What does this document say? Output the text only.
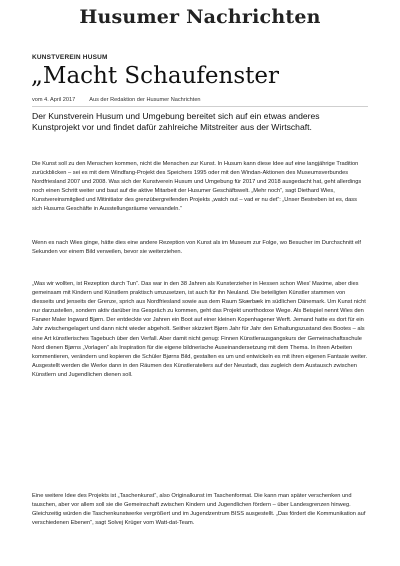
Husumer Nachrichten
KUNSTVEREIN HUSUM
„Macht Schaufenster
vom 4. April 2017	Aus der Redaktion der Husumer Nachrichten

Der Kunstverein Husum und Umgebung bereitet sich auf ein etwas anderes Kunstprojekt vor und findet dafür zahlreiche Mitstreiter aus der Wirtschaft.

Die Kunst soll zu den Menschen kommen, nicht die Menschen zur Kunst. In Husum kann diese Idee auf eine langjährige Tradition zurückblicken – sei es mit dem Windfang-Projekt des Speichers 1995 oder mit den Windan-Aktionen des Museumsverbundes Nordfriesland 2007 und 2008. Was sich der Kunstverein Husum und Umgebung für 2017 und 2018 ausgedacht hat, geht allerdings noch einen Schritt weiter und baut auf die aktive Mitarbeit der Husumer Geschäftswelt. „Mehr noch“, sagt Diethard Wies, Kunstvereinsmitglied und Mitinitiator des grenzübergreifenden Projekts „watch out – vad er nu det“: „Unser Bestreben ist es, dass sich Husums Geschäfte in Ausstellungsräume verwandeln.“

Wenn es nach Wies ginge, hätte dies eine andere Rezeption von Kunst als im Museum zur Folge, wo Besucher im Durchschnitt elf Sekunden vor einem Bild verweilen, bevor sie weiterziehen.

„Was wir wollten, ist Rezeption durch Tun“. Das war in den 38 Jahren als Kunsterzieher in Hessen schon Wies' Maxime, aber dies gemeinsam mit Kindern und Künstlern praktisch umzusetzen, ist auch für ihn Neuland. Die beteiligten Künstler stammen von diesseits und jenseits der Grenze, sprich aus Nordfriesland sowie aus dem Raum Skærbæk im südlichen Dänemark. Um Kunst nicht nur darzustellen, sondern aktiv darüber ins Gespräch zu kommen, geht das Projekt unorthodoxe Wege. Als Beispiel nennt Wies den Fanøer Maler Ingward Bjørn. Der entdeckte vor Jahren ein Boot auf einer kleinen Kopenhagener Werft. Jemand hatte es dort für ein Jahr zwischengelagert und dann nicht wieder abgeholt. Seither skizziert Bjørn Jahr für Jahr den Erhaltungszustand des Bootes – als eine Art künstlerisches Tagebuch über den Verfall. Aber damit nicht genug: Finnen Künstlerausgangskurs der Gemeinschaftsschule Nord dienen Bjørns „Vorlagen“ als Inspiration für die eigene bildnerische Auseinandersetzung mit dem Thema. In ihren Arbeiten kommentieren, verändern und kopieren die Schüler Bjørns Bild, gestalten es um und entwickeln es mit ihren eigenen Fantasie weiter. Ausgestellt werden die Werke dann in den Räumen des Künstlerateliers auf der Neustadt, das zugleich dem Austausch zwischen Künstlern und Jugendlichen dienen soll.

Eine weitere Idee des Projekts ist „Taschenkunst“, also Originalkunst im Taschenformat. Die kann man später verschenken und tauschen, aber vor allem soll sie die Gemeinschaft zwischen Kindern und Jugendlichen fördern – über Landesgrenzen hinweg. Gleichzeitig würden die Taschenkunstwerke vergrößert und im Jugendzentrum BISS ausgestellt. „Das fördert die Kommunikation auf verschiedenen Ebenen“, sagt Solvej Krüger vom Watt-dat-Team.
